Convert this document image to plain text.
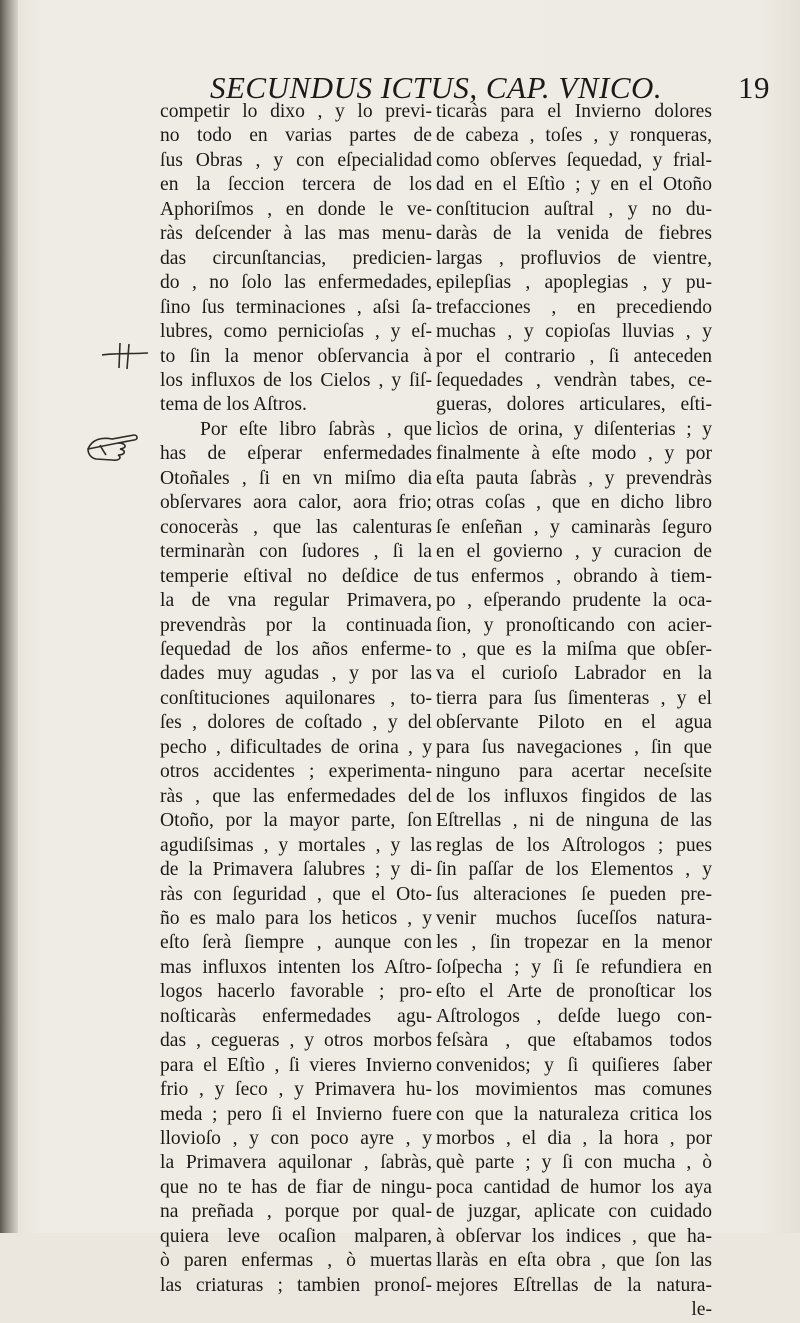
SECUNDUS ICTUS, CAP. VNICO. 19
competir lo dixo , y lo previ-
no todo en varias partes de
ſus Obras , y con eſpecialidad
en la ſeccion tercera de los
Aphoriſmos , en donde le ve-
ràs deſcender à las mas menu-
das circunſtancias, predicien-
do , no ſolo las enfermedades,
ſino ſus terminaciones , aſsi ſa-
lubres, como pernicioſas , y eſ-
to ſin la menor obſervancia à
los influxos de los Cielos , y ſiſ-
tema de los Aſtros.
Por eſte libro ſabràs , que
has de eſperar enfermedades
Otoñales , ſi en vn miſmo dia
obſervares aora calor, aora frio;
conoceràs , que las calenturas
terminaràn con ſudores , ſi la
temperie eſtival no deſdice de
la de vna regular Primavera,
prevendràs por la continuada
ſequedad de los años enferme-
dades muy agudas , y por las
conſtituciones aquilonares , to-
ſes , dolores de coſtado , y del
pecho , dificultades de orina , y
otros accidentes ; experimenta-
ràs , que las enfermedades del
Otoño, por la mayor parte, ſon
agudiſsimas , y mortales , y las
de la Primavera ſalubres ; y di-
ràs con ſeguridad , que el Oto-
ño es malo para los heticos , y
eſto ſerà ſiempre , aunque con
mas influxos intenten los Aſtro-
logos hacerlo favorable ; pro-
noſticaràs enfermedades agu-
das , cegueras , y otros morbos
para el Eſtìo , ſi vieres Invierno
frio , y ſeco , y Primavera hu-
meda ; pero ſi el Invierno fuere
llovioſo , y con poco ayre , y
la Primavera aquilonar , ſabràs,
que no te has de fiar de ningu-
na preñada , porque por qual-
quiera leve ocaſion malparen,
ò paren enfermas , ò muertas
las criaturas ; tambien pronoſ-
ticaràs para el Invierno dolores
de cabeza , toſes , y ronqueras,
como obſerves ſequedad, y frial-
dad en el Eſtìo ; y en el Otoño
conſtitucion auſtral , y no du-
daràs de la venida de fiebres
largas , profluvios de vientre,
epilepſias , apoplegias , y pu-
trefacciones , en precediendo
muchas , y copioſas lluvias , y
por el contrario , ſi anteceden
ſequedades , vendràn tabes, ce-
gueras, dolores articulares, eſti-
licìos de orina, y diſenterias ; y
finalmente à eſte modo , y por
eſta pauta ſabràs , y prevendràs
otras coſas , que en dicho libro
ſe enſeñan , y caminaràs ſeguro
en el govierno , y curacion de
tus enfermos , obrando à tiem-
po , eſperando prudente la oca-
ſion, y pronoſticando con acier-
to , que es la miſma que obſer-
va el curioſo Labrador en la
tierra para ſus ſimenteras , y el
obſervante Piloto en el agua
para ſus navegaciones , ſin que
ninguno para acertar neceſsite
de los influxos fingidos de las
Eſtrellas , ni de ninguna de las
reglas de los Aſtrologos ; pues
ſin paſſar de los Elementos , y
ſus alteraciones ſe pueden pre-
venir muchos ſuceſſos natura-
les , ſin tropezar en la menor
ſoſpecha ; y ſi ſe refundiera en
eſto el Arte de pronoſticar los
Aſtrologos , deſde luego con-
feſsàra , que eſtabamos todos
convenidos; y ſi quiſieres ſaber
los movimientos mas comunes
con que la naturaleza critica los
morbos , el dia , la hora , por
què parte ; y ſi con mucha , ò
poca cantidad de humor los aya
de juzgar, aplicate con cuidado
à obſervar los indices , que ha-
llaràs en eſta obra , que ſon las
mejores Eſtrellas de la natura-
le-
